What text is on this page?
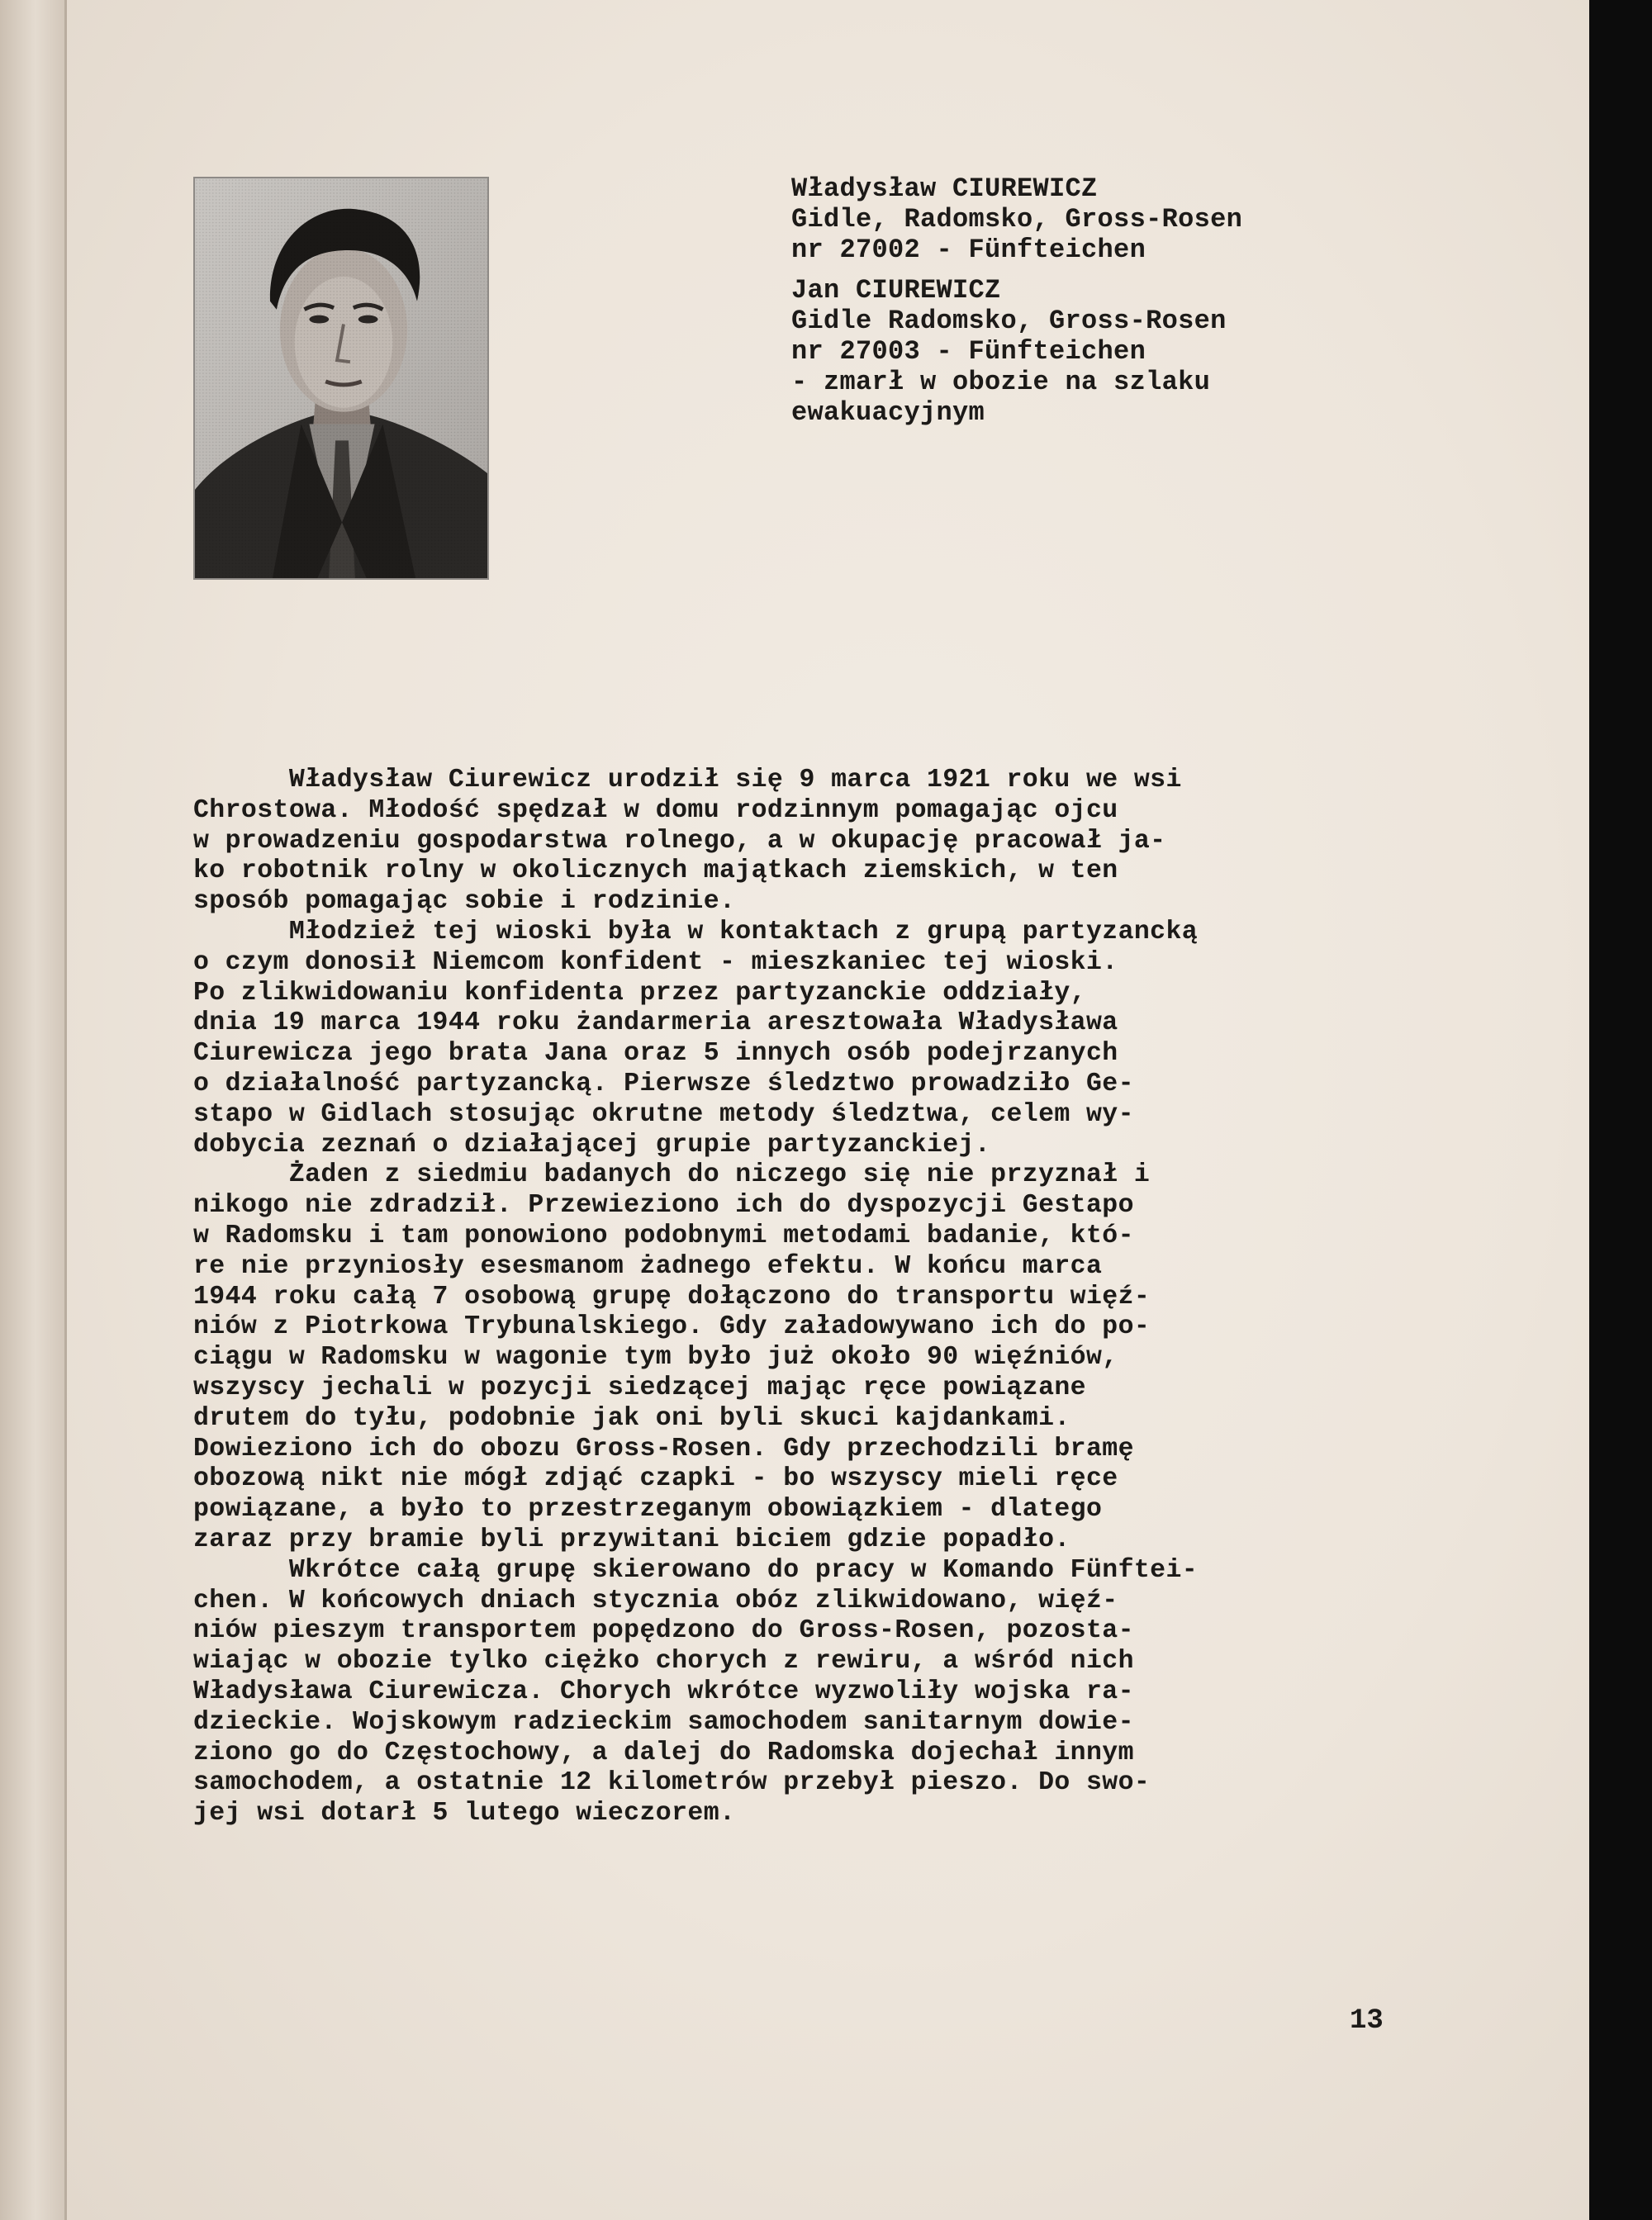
Władysław CIUREWICZ
Gidle, Radomsko, Gross-Rosen
nr 27002 - Fünfteichen
Jan CIUREWICZ
Gidle Radomsko, Gross-Rosen
nr 27003 - Fünfteichen
- zmarł w obozie na szlaku
ewakuacyjnym
Władysław Ciurewicz urodził się 9 marca 1921 roku we wsi
Chrostowa. Młodość spędzał w domu rodzinnym pomagając ojcu
w prowadzeniu gospodarstwa rolnego, a w okupację pracował ja-
ko robotnik rolny w okolicznych majątkach ziemskich, w ten
sposób pomagając sobie i rodzinie.
Młodzież tej wioski była w kontaktach z grupą partyzancką
o czym donosił Niemcom konfident - mieszkaniec tej wioski.
Po zlikwidowaniu konfidenta przez partyzanckie oddziały,
dnia 19 marca 1944 roku żandarmeria aresztowała Władysława
Ciurewicza jego brata Jana oraz 5 innych osób podejrzanych
o działalność partyzancką. Pierwsze śledztwo prowadziło Ge-
stapo w Gidlach stosując okrutne metody śledztwa, celem wy-
dobycia zeznań o działającej grupie partyzanckiej.
Żaden z siedmiu badanych do niczego się nie przyznał i
nikogo nie zdradził. Przewieziono ich do dyspozycji Gestapo
w Radomsku i tam ponowiono podobnymi metodami badanie, któ-
re nie przyniosły esesmanom żadnego efektu. W końcu marca
1944 roku całą 7 osobową grupę dołączono do transportu więź-
niów z Piotrkowa Trybunalskiego. Gdy załadowywano ich do po-
ciągu w Radomsku w wagonie tym było już około 90 więźniów,
wszyscy jechali w pozycji siedzącej mając ręce powiązane
drutem do tyłu, podobnie jak oni byli skuci kajdankami.
Dowieziono ich do obozu Gross-Rosen. Gdy przechodzili bramę
obozową nikt nie mógł zdjąć czapki - bo wszyscy mieli ręce
powiązane, a było to przestrzeganym obowiązkiem - dlatego
zaraz przy bramie byli przywitani biciem gdzie popadło.
Wkrótce całą grupę skierowano do pracy w Komando Fünftei-
chen. W końcowych dniach stycznia obóz zlikwidowano, więź-
niów pieszym transportem popędzono do Gross-Rosen, pozosta-
wiając w obozie tylko ciężko chorych z rewiru, a wśród nich
Władysława Ciurewicza. Chorych wkrótce wyzwoliły wojska ra-
dzieckie. Wojskowym radzieckim samochodem sanitarnym dowie-
ziono go do Częstochowy, a dalej do Radomska dojechał innym
samochodem, a ostatnie 12 kilometrów przebył pieszo. Do swo-
jej wsi dotarł 5 lutego wieczorem.
13
